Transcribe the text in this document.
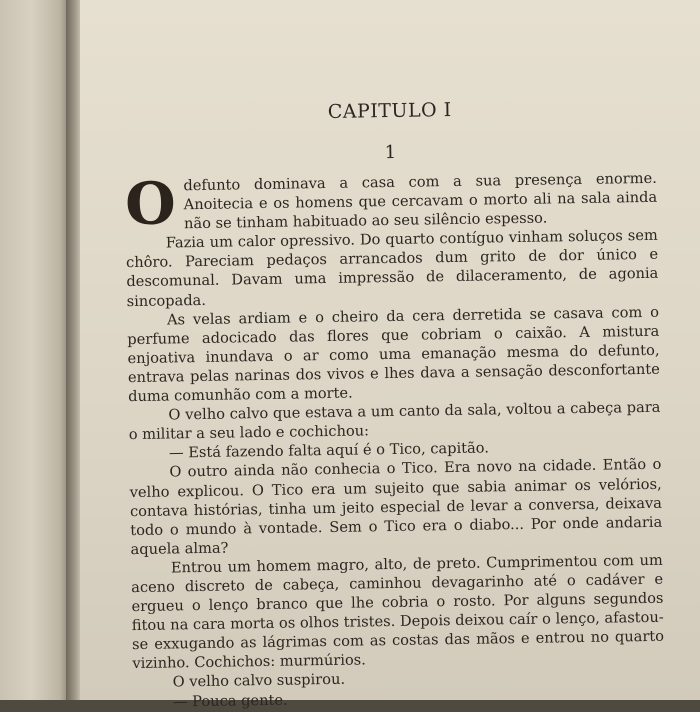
CAPITULO I
1

Odefunto dominava a casa com a sua presença enorme. Anoitecia e os homens que cercavam o morto ali na sala ainda não se tinham habituado ao seu silêncio espesso.

Fazia um calor opressivo. Do quarto contíguo vinham soluços sem chôro. Pareciam pedaços arrancados dum grito de dor único e descomunal. Davam uma impressão de dilaceramento, de agonia sincopada.

As velas ardiam e o cheiro da cera derretida se casava com o perfume adocicado das flores que cobriam o caixão. A mistura enjoativa inundava o ar como uma emanação mesma do defunto, entrava pelas narinas dos vivos e lhes dava a sensação desconfortante duma comunhão com a morte.

O velho calvo que estava a um canto da sala, voltou a cabeça para o militar a seu lado e cochichou:

— Está fazendo falta aquí é o Tico, capitão.

O outro ainda não conhecia o Tico. Era novo na cidade. Então o velho explicou. O Tico era um sujeito que sabia animar os velórios, contava histórias, tinha um jeito especial de levar a conversa, deixava todo o mundo à vontade. Sem o Tico era o diabo... Por onde andaria aquela alma?

Entrou um homem magro, alto, de preto. Cumprimentou com um aceno discreto de cabeça, caminhou devagarinho até o cadáver e ergueu o lenço branco que lhe cobria o rosto. Por alguns segundos fitou na cara morta os olhos tristes. Depois deixou caír o lenço, afastou-se exxugando as lágrimas com as costas das mãos e entrou no quarto vizinho. Cochichos: murmúrios.

O velho calvo suspirou.

— Pouca gente.
